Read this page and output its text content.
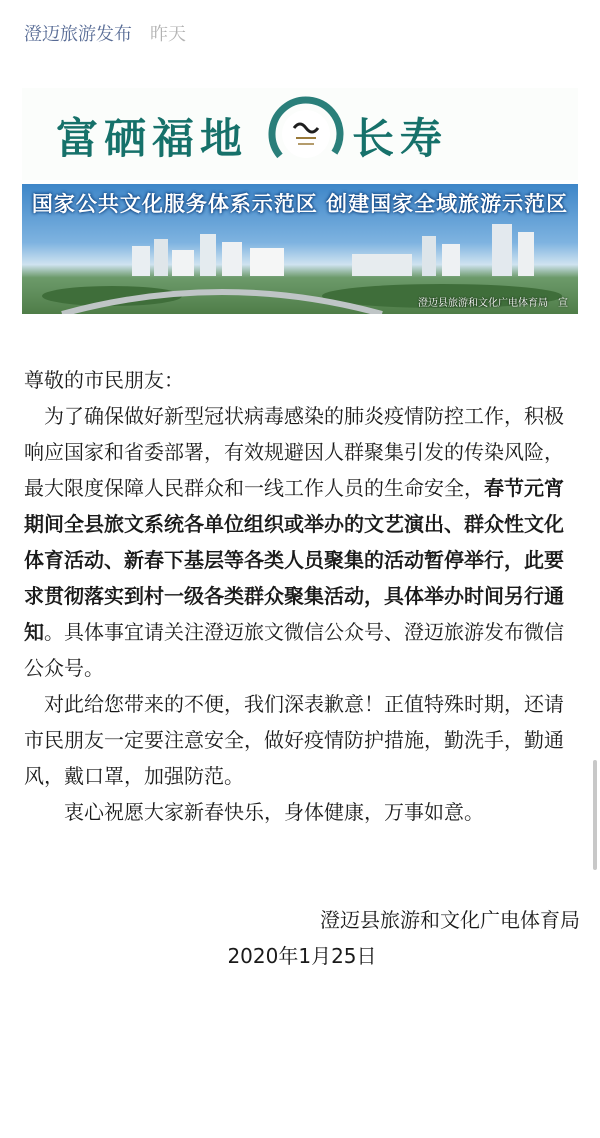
澄迈旅游发布 昨天
富硒福地 长寿
国家公共文化服务体系示范区 创建国家全域旅游示范区
澄迈县旅游和文化广电体育局　宣

尊敬的市民朋友：

为了确保做好新型冠状病毒感染的肺炎疫情防控工作，积极响应国家和省委部署，有效规避因人群聚集引发的传染风险，最大限度保障人民群众和一线工作人员的生命安全，春节元宵期间全县旅文系统各单位组织或举办的文艺演出、群众性文化体育活动、新春下基层等各类人员聚集的活动暂停举行，此要求贯彻落实到村一级各类群众聚集活动，具体举办时间另行通知。具体事宜请关注澄迈旅文微信公众号、澄迈旅游发布微信公众号。

对此给您带来的不便，我们深表歉意！正值特殊时期，还请市民朋友一定要注意安全，做好疫情防护措施，勤洗手，勤通风，戴口罩，加强防范。

　衷心祝愿大家新春快乐，身体健康，万事如意。

澄迈县旅游和文化广电体育局

2020年1月25日
